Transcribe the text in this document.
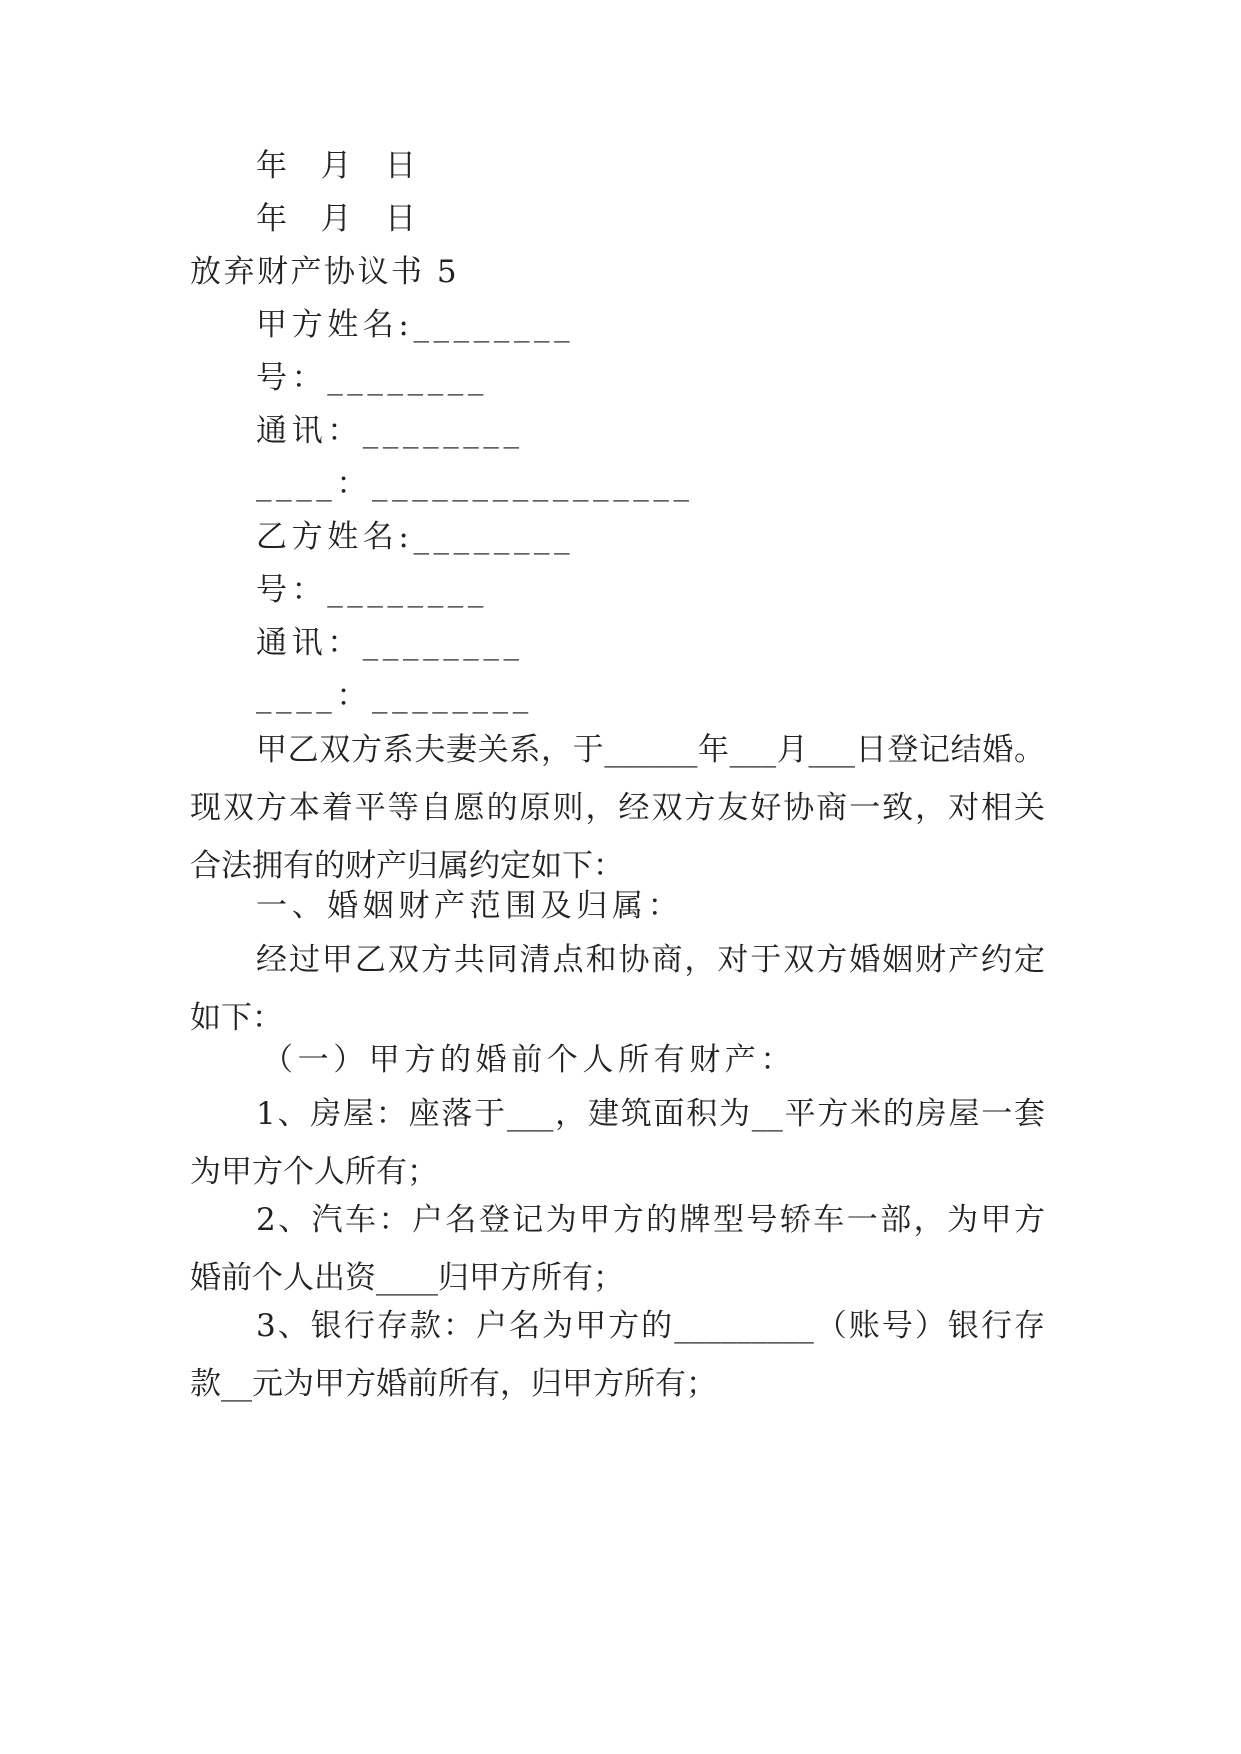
年  月  日
年  月  日
放弃财产协议书 5
甲方姓名:________
号：________
通讯：________
____：________________
乙方姓名:________
号：________
通讯：________
____：________
甲乙双方系夫妻关系，于______年___月___日登记结婚。
现双方本着平等自愿的原则，经双方友好协商一致，对相关
合法拥有的财产归属约定如下：
一、婚姻财产范围及归属：
经过甲乙双方共同清点和协商，对于双方婚姻财产约定
如下：
（一）甲方的婚前个人所有财产：
1、房屋：座落于___，建筑面积为__平方米的房屋一套
为甲方个人所有；
2、汽车：户名登记为甲方的牌型号轿车一部，为甲方
婚前个人出资____归甲方所有；
3、银行存款：户名为甲方的_________（账号）银行存
款__元为甲方婚前所有，归甲方所有；
